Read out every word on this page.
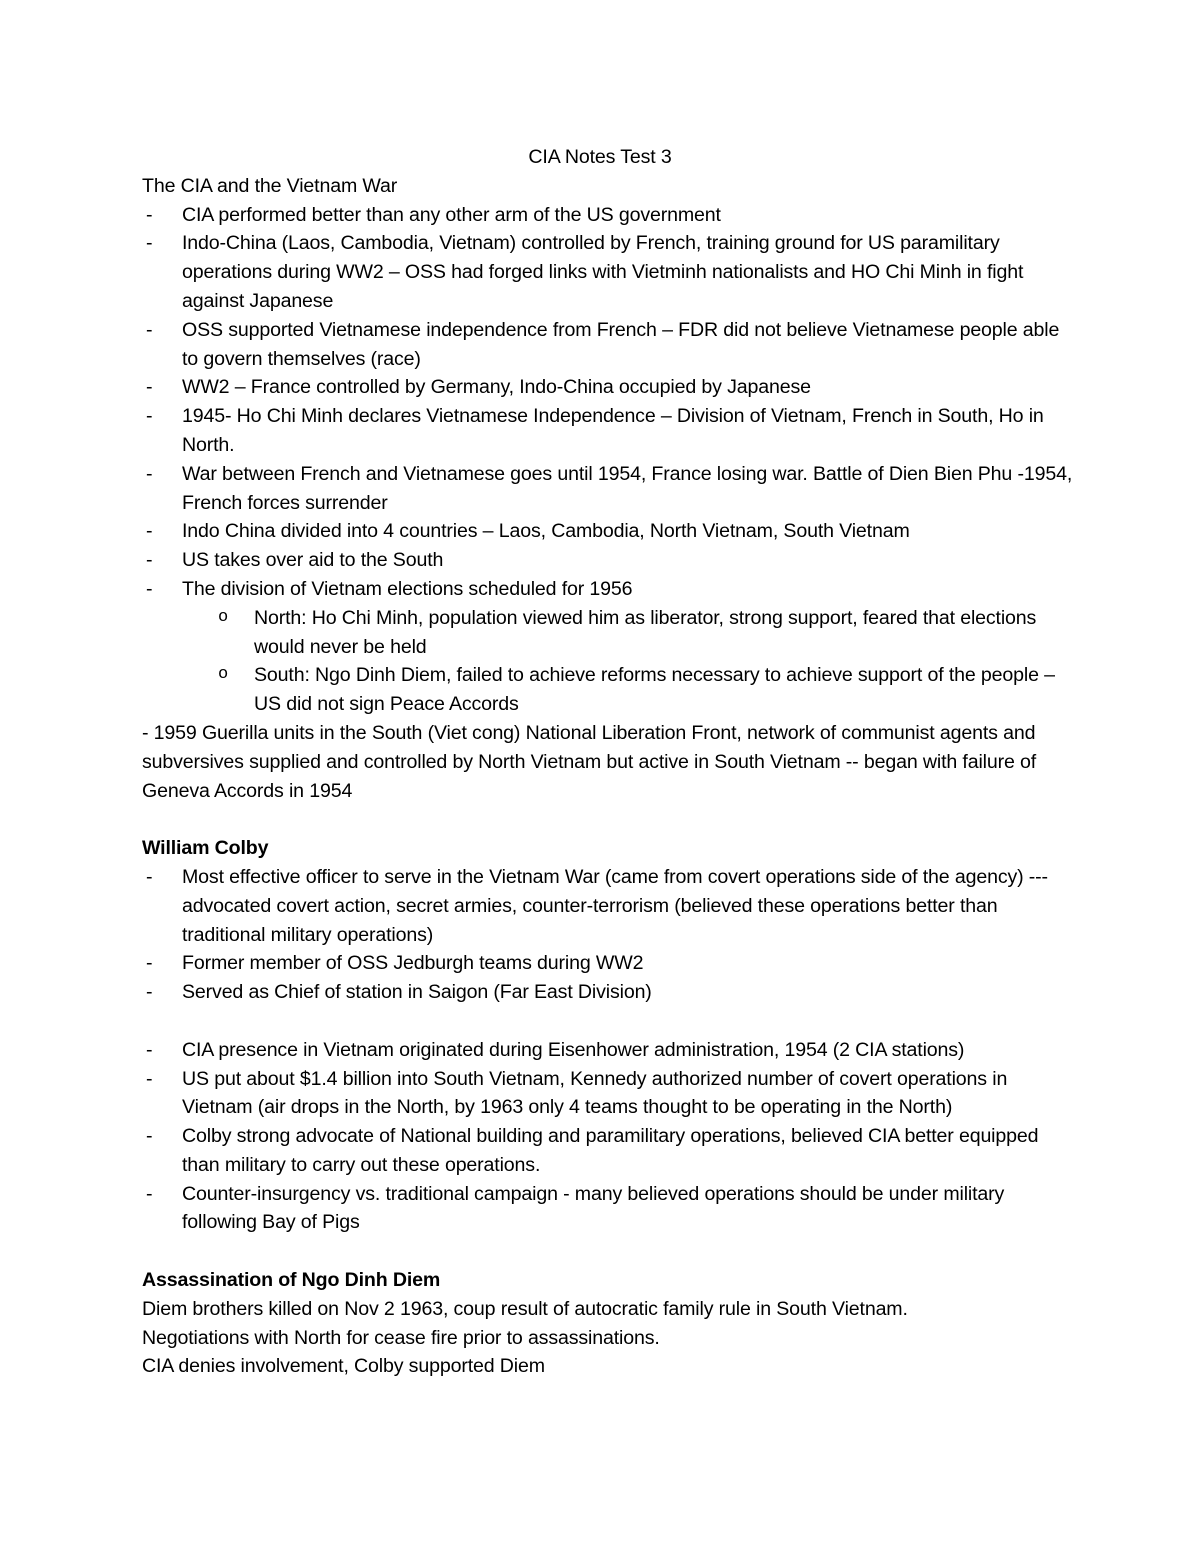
CIA Notes Test 3
The CIA and the Vietnam War
- CIA performed better than any other arm of the US government
- Indo-China (Laos, Cambodia, Vietnam) controlled by French, training ground for US paramilitary operations during WW2 – OSS had forged links with Vietminh nationalists and HO Chi Minh in fight against Japanese
- OSS supported Vietnamese independence from French – FDR did not believe Vietnamese people able to govern themselves (race)
- WW2 – France controlled by Germany, Indo-China occupied by Japanese
- 1945- Ho Chi Minh declares Vietnamese Independence – Division of Vietnam, French in South, Ho in North.
- War between French and Vietnamese goes until 1954, France losing war. Battle of Dien Bien Phu -1954, French forces surrender
- Indo China divided into 4 countries – Laos, Cambodia, North Vietnam, South Vietnam
- US takes over aid to the South
- The division of Vietnam elections scheduled for 1956
o North: Ho Chi Minh, population viewed him as liberator, strong support, feared that elections would never be held
o South: Ngo Dinh Diem, failed to achieve reforms necessary to achieve support of the people – US did not sign Peace Accords

- 1959 Guerilla units in the South (Viet cong) National Liberation Front, network of communist agents and subversives supplied and controlled by North Vietnam but active in South Vietnam -- began with failure of Geneva Accords in 1954

William Colby
- Most effective officer to serve in the Vietnam War (came from covert operations side of the agency) --- advocated covert action, secret armies, counter-terrorism (believed these operations better than traditional military operations)
- Former member of OSS Jedburgh teams during WW2
- Served as Chief of station in Saigon (Far East Division)
- CIA presence in Vietnam originated during Eisenhower administration, 1954 (2 CIA stations)
- US put about $1.4 billion into South Vietnam, Kennedy authorized number of covert operations in Vietnam (air drops in the North, by 1963 only 4 teams thought to be operating in the North)
- Colby strong advocate of National building and paramilitary operations, believed CIA better equipped than military to carry out these operations.
- Counter-insurgency vs. traditional campaign - many believed operations should be under military following Bay of Pigs
Assassination of Ngo Dinh Diem

Diem brothers killed on Nov 2 1963, coup result of autocratic family rule in South Vietnam.

Negotiations with North for cease fire prior to assassinations.

CIA denies involvement, Colby supported Diem
